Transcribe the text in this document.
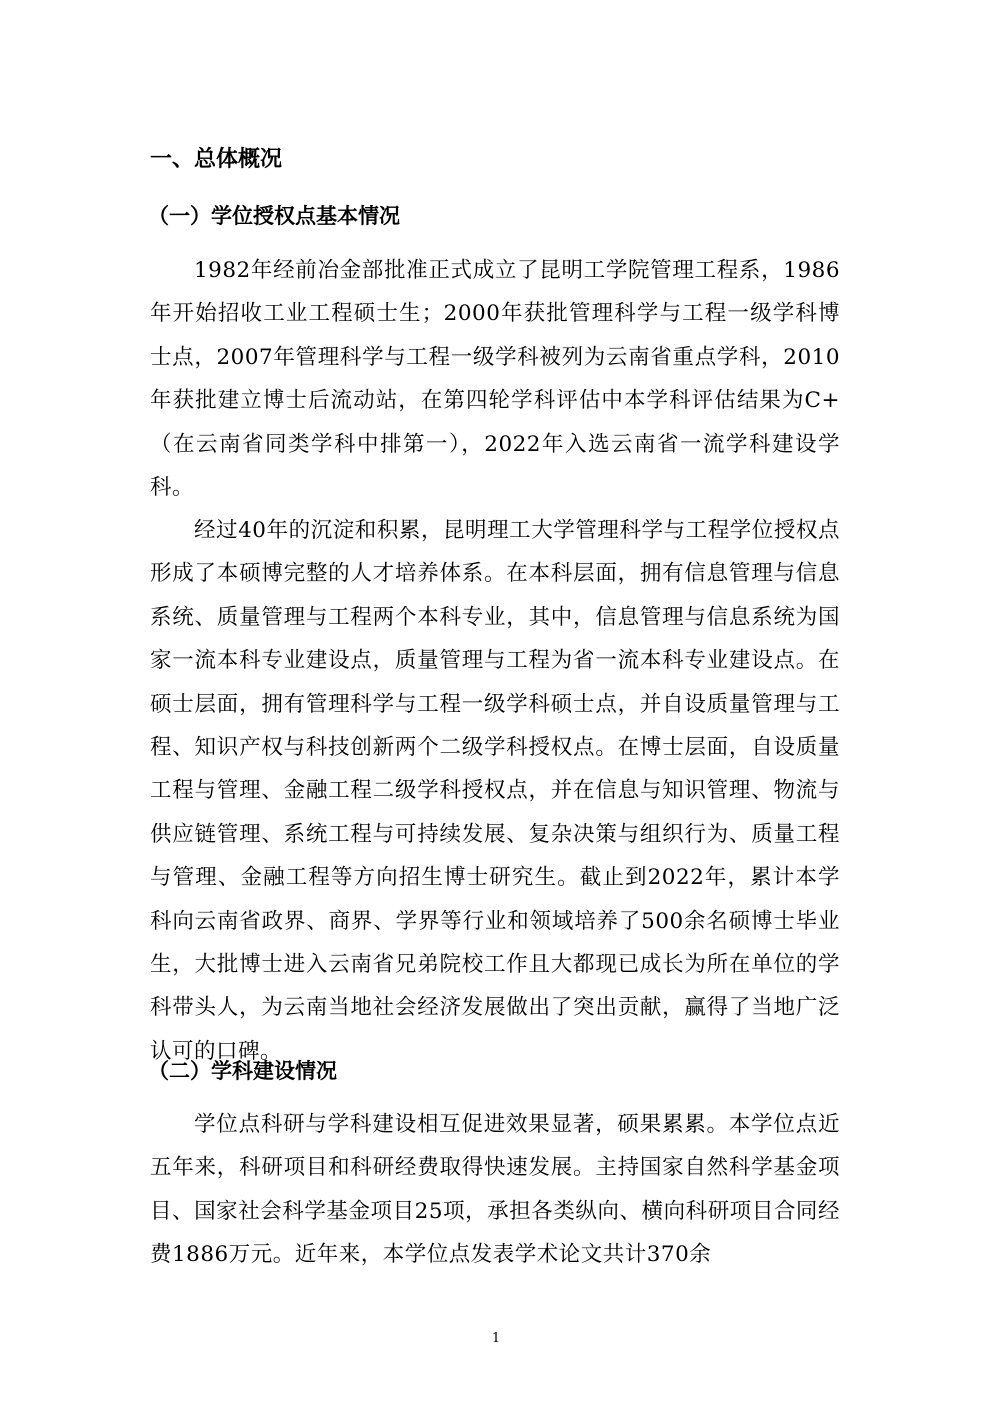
一、总体概况
（一）学位授权点基本情况

1982年经前冶金部批准正式成立了昆明工学院管理工程系，1986年开始招收工业工程硕士生；2000年获批管理科学与工程一级学科博士点，2007年管理科学与工程一级学科被列为云南省重点学科，2010年获批建立博士后流动站，在第四轮学科评估中本学科评估结果为C+（在云南省同类学科中排第一），2022年入选云南省一流学科建设学科。

经过40年的沉淀和积累，昆明理工大学管理科学与工程学位授权点形成了本硕博完整的人才培养体系。在本科层面，拥有信息管理与信息系统、质量管理与工程两个本科专业，其中，信息管理与信息系统为国家一流本科专业建设点，质量管理与工程为省一流本科专业建设点。在硕士层面，拥有管理科学与工程一级学科硕士点，并自设质量管理与工程、知识产权与科技创新两个二级学科授权点。在博士层面，自设质量工程与管理、金融工程二级学科授权点，并在信息与知识管理、物流与供应链管理、系统工程与可持续发展、复杂决策与组织行为、质量工程与管理、金融工程等方向招生博士研究生。截止到2022年，累计本学科向云南省政界、商界、学界等行业和领域培养了500余名硕博士毕业生，大批博士进入云南省兄弟院校工作且大都现已成长为所在单位的学科带头人，为云南当地社会经济发展做出了突出贡献，赢得了当地广泛认可的口碑。

（二）学科建设情况

学位点科研与学科建设相互促进效果显著，硕果累累。本学位点近五年来，科研项目和科研经费取得快速发展。主持国家自然科学基金项目、国家社会科学基金项目25项，承担各类纵向、横向科研项目合同经费1886万元。近年来，本学位点发表学术论文共计370余

1
